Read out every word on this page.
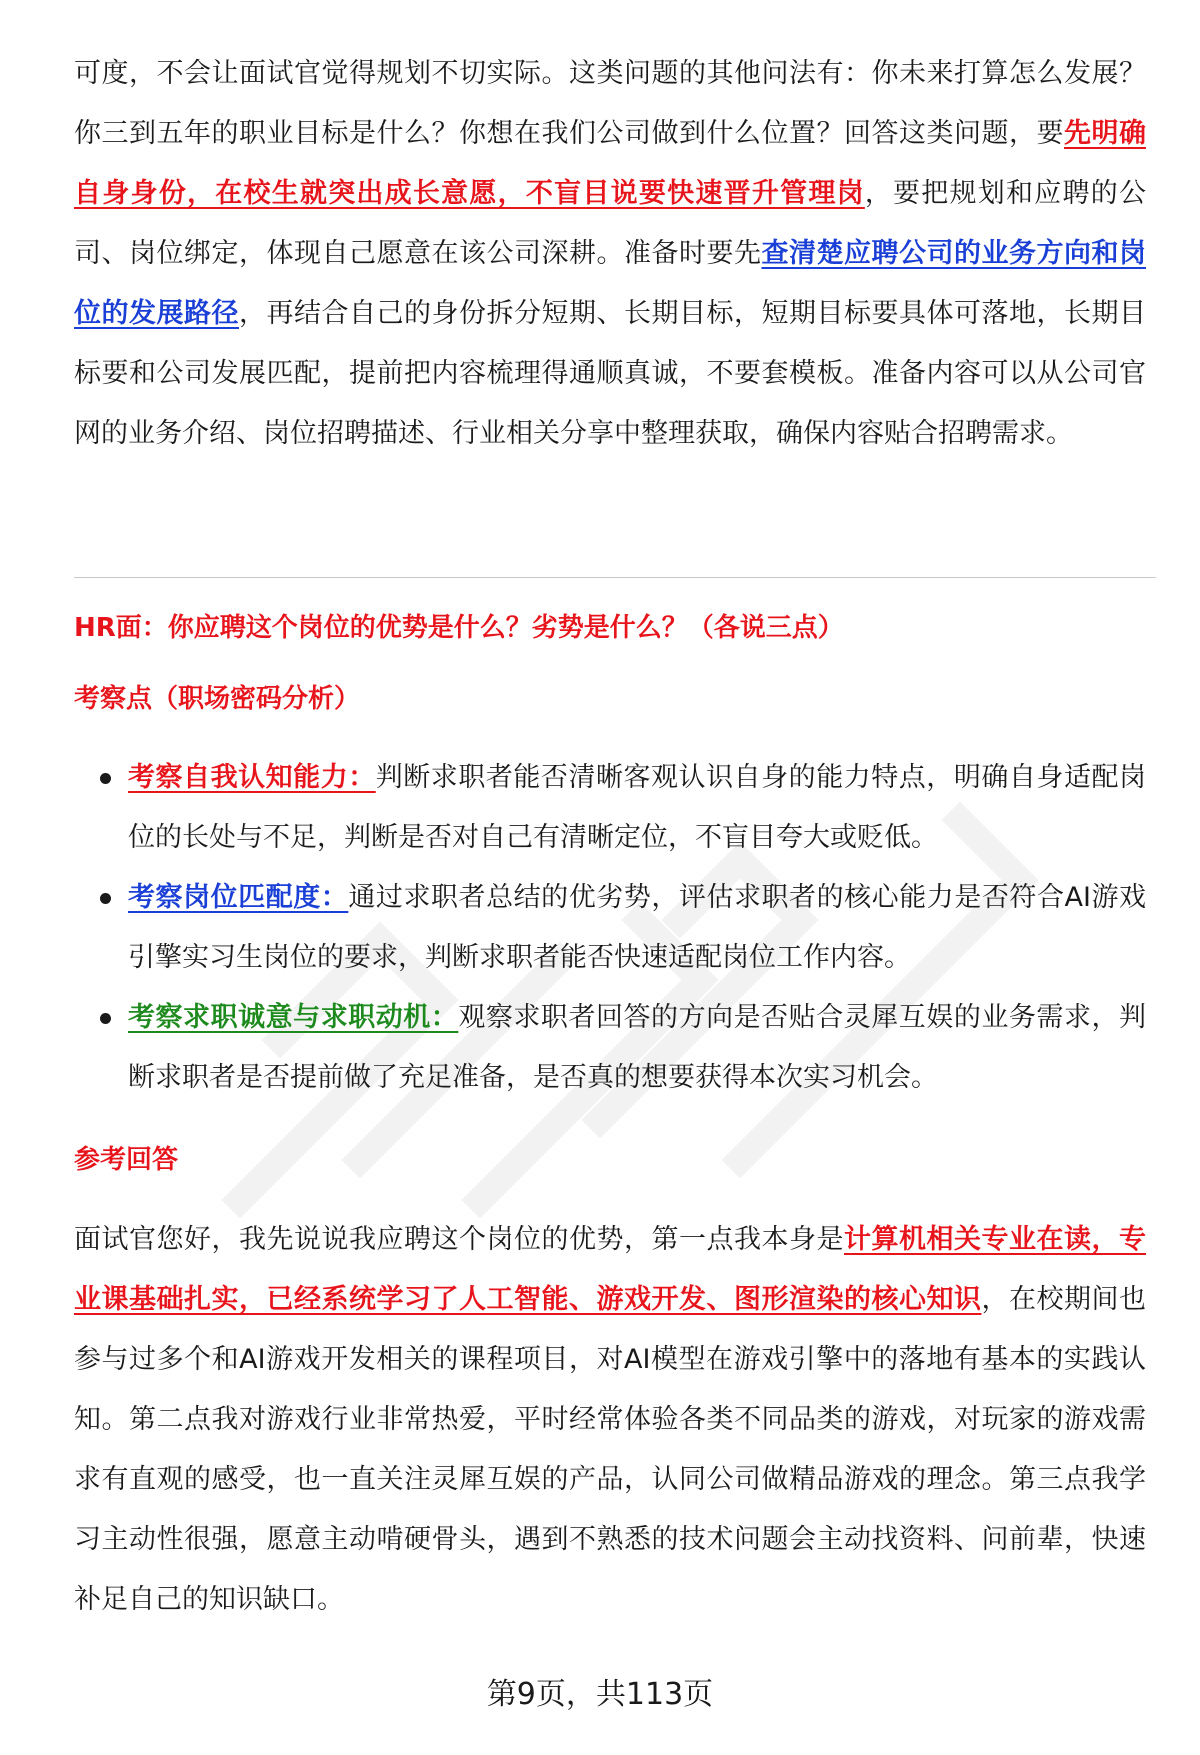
可度，不会让面试官觉得规划不切实际。这类问题的其他问法有：你未来打算怎么发展？你三到五年的职业目标是什么？你想在我们公司做到什么位置？回答这类问题，要先明确自身身份，在校生就突出成长意愿，不盲目说要快速晋升管理岗，要把规划和应聘的公司、岗位绑定，体现自己愿意在该公司深耕。准备时要先查清楚应聘公司的业务方向和岗位的发展路径，再结合自己的身份拆分短期、长期目标，短期目标要具体可落地，长期目标要和公司发展匹配，提前把内容梳理得通顺真诚，不要套模板。准备内容可以从公司官网的业务介绍、岗位招聘描述、行业相关分享中整理获取，确保内容贴合招聘需求。

HR面：你应聘这个岗位的优势是什么？劣势是什么？（各说三点）
考察点（职场密码分析）
考察自我认知能力：判断求职者能否清晰客观认识自身的能力特点，明确自身适配岗位的长处与不足，判断是否对自己有清晰定位，不盲目夸大或贬低。
考察岗位匹配度：通过求职者总结的优劣势，评估求职者的核心能力是否符合AI游戏引擎实习生岗位的要求，判断求职者能否快速适配岗位工作内容。
考察求职诚意与求职动机：观察求职者回答的方向是否贴合灵犀互娱的业务需求，判断求职者是否提前做了充足准备，是否真的想要获得本次实习机会。
参考回答

面试官您好，我先说说我应聘这个岗位的优势，第一点我本身是计算机相关专业在读，专业课基础扎实，已经系统学习了人工智能、游戏开发、图形渲染的核心知识，在校期间也参与过多个和AI游戏开发相关的课程项目，对AI模型在游戏引擎中的落地有基本的实践认知。第二点我对游戏行业非常热爱，平时经常体验各类不同品类的游戏，对玩家的游戏需求有直观的感受，也一直关注灵犀互娱的产品，认同公司做精品游戏的理念。第三点我学习主动性很强，愿意主动啃硬骨头，遇到不熟悉的技术问题会主动找资料、问前辈，快速补足自己的知识缺口。

第9页，共113页
